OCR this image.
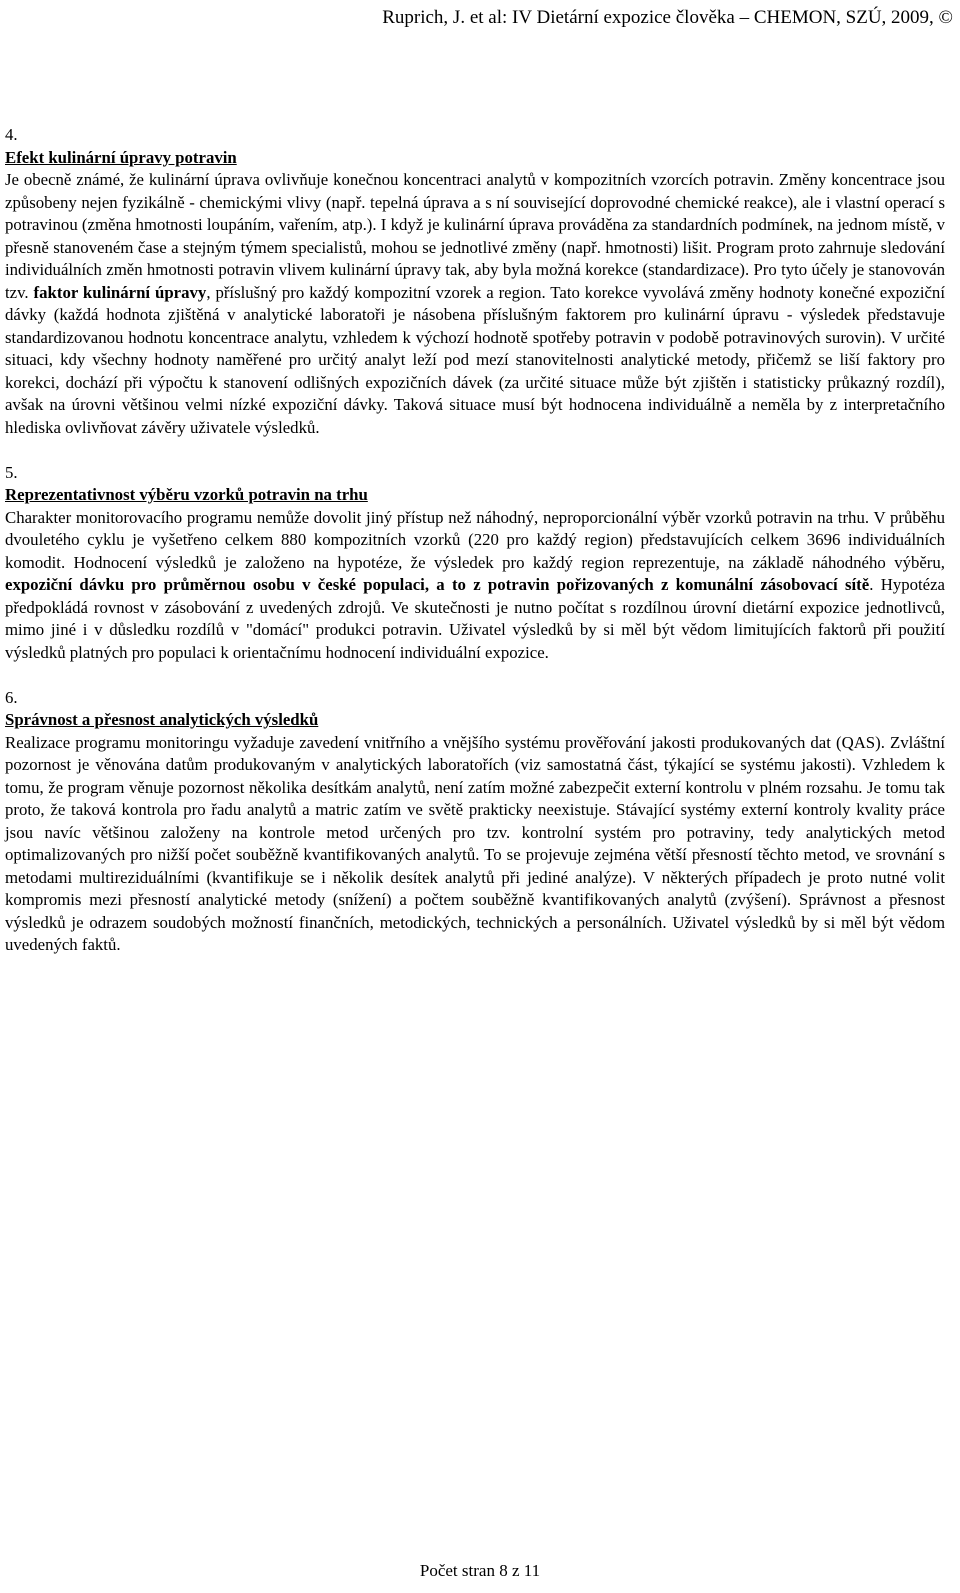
Ruprich, J. et al: IV Dietární expozice člověka – CHEMON, SZÚ, 2009, ©

4.

Efekt kulinární úpravy potravin

Je obecně známé, že kulinární úprava ovlivňuje konečnou koncentraci analytů v kompozitních vzorcích potravin. Změny koncentrace jsou způsobeny nejen fyzikálně - chemickými vlivy (např. tepelná úprava a s ní související doprovodné chemické reakce), ale i vlastní operací s potravinou (změna hmotnosti loupáním, vařením, atp.). I když je kulinární úprava prováděna za standardních podmínek, na jednom místě, v přesně stanoveném čase a stejným týmem specialistů, mohou se jednotlivé změny (např. hmotnosti) lišit. Program proto zahrnuje sledování individuálních změn hmotnosti potravin vlivem kulinární úpravy tak, aby byla možná korekce (standardizace). Pro tyto účely je stanovován tzv. faktor kulinární úpravy, příslušný pro každý kompozitní vzorek a region. Tato korekce vyvolává změny hodnoty konečné expoziční dávky (každá hodnota zjištěná v analytické laboratoři je násobena příslušným faktorem pro kulinární úpravu - výsledek představuje standardizovanou hodnotu koncentrace analytu, vzhledem k výchozí hodnotě spotřeby potravin v podobě potravinových surovin). V určité situaci, kdy všechny hodnoty naměřené pro určitý analyt leží pod mezí stanovitelnosti analytické metody, přičemž se liší faktory pro korekci, dochází při výpočtu k stanovení odlišných expozičních dávek (za určité situace může být zjištěn i statisticky průkazný rozdíl), avšak na úrovni většinou velmi nízké expoziční dávky. Taková situace musí být hodnocena individuálně a neměla by z interpretačního hlediska ovlivňovat závěry uživatele výsledků.

5.

Reprezentativnost výběru vzorků potravin na trhu

Charakter monitorovacího programu nemůže dovolit jiný přístup než náhodný, neproporcionální výběr vzorků potravin na trhu. V průběhu dvouletého cyklu je vyšetřeno celkem 880 kompozitních vzorků (220 pro každý region) představujících celkem 3696 individuálních komodit. Hodnocení výsledků je založeno na hypotéze, že výsledek pro každý region reprezentuje, na základě náhodného výběru, expoziční dávku pro průměrnou osobu v české populaci, a to z potravin pořizovaných z komunální zásobovací sítě. Hypotéza předpokládá rovnost v zásobování z uvedených zdrojů. Ve skutečnosti je nutno počítat s rozdílnou úrovní dietární expozice jednotlivců, mimo jiné i v důsledku rozdílů v "domácí" produkci potravin. Uživatel výsledků by si měl být vědom limitujících faktorů při použití výsledků platných pro populaci k orientačnímu hodnocení individuální expozice.

6.

Správnost a přesnost analytických výsledků

Realizace programu monitoringu vyžaduje zavedení vnitřního a vnějšího systému prověřování jakosti produkovaných dat (QAS). Zvláštní pozornost je věnována datům produkovaným v analytických laboratořích (viz samostatná část, týkající se systému jakosti). Vzhledem k tomu, že program věnuje pozornost několika desítkám analytů, není zatím možné zabezpečit externí kontrolu v plném rozsahu. Je tomu tak proto, že taková kontrola pro řadu analytů a matric zatím ve světě prakticky neexistuje. Stávající systémy externí kontroly kvality práce jsou navíc většinou založeny na kontrole metod určených pro tzv. kontrolní systém pro potraviny, tedy analytických metod optimalizovaných pro nižší počet souběžně kvantifikovaných analytů. To se projevuje zejména větší přesností těchto metod, ve srovnání s metodami multireziduálními (kvantifikuje se i několik desítek analytů při jediné analýze). V některých případech je proto nutné volit kompromis mezi přesností analytické metody (snížení) a počtem souběžně kvantifikovaných analytů (zvýšení). Správnost a přesnost výsledků je odrazem soudobých možností finančních, metodických, technických a personálních. Uživatel výsledků by si měl být vědom uvedených faktů.

Počet stran 8 z 11
